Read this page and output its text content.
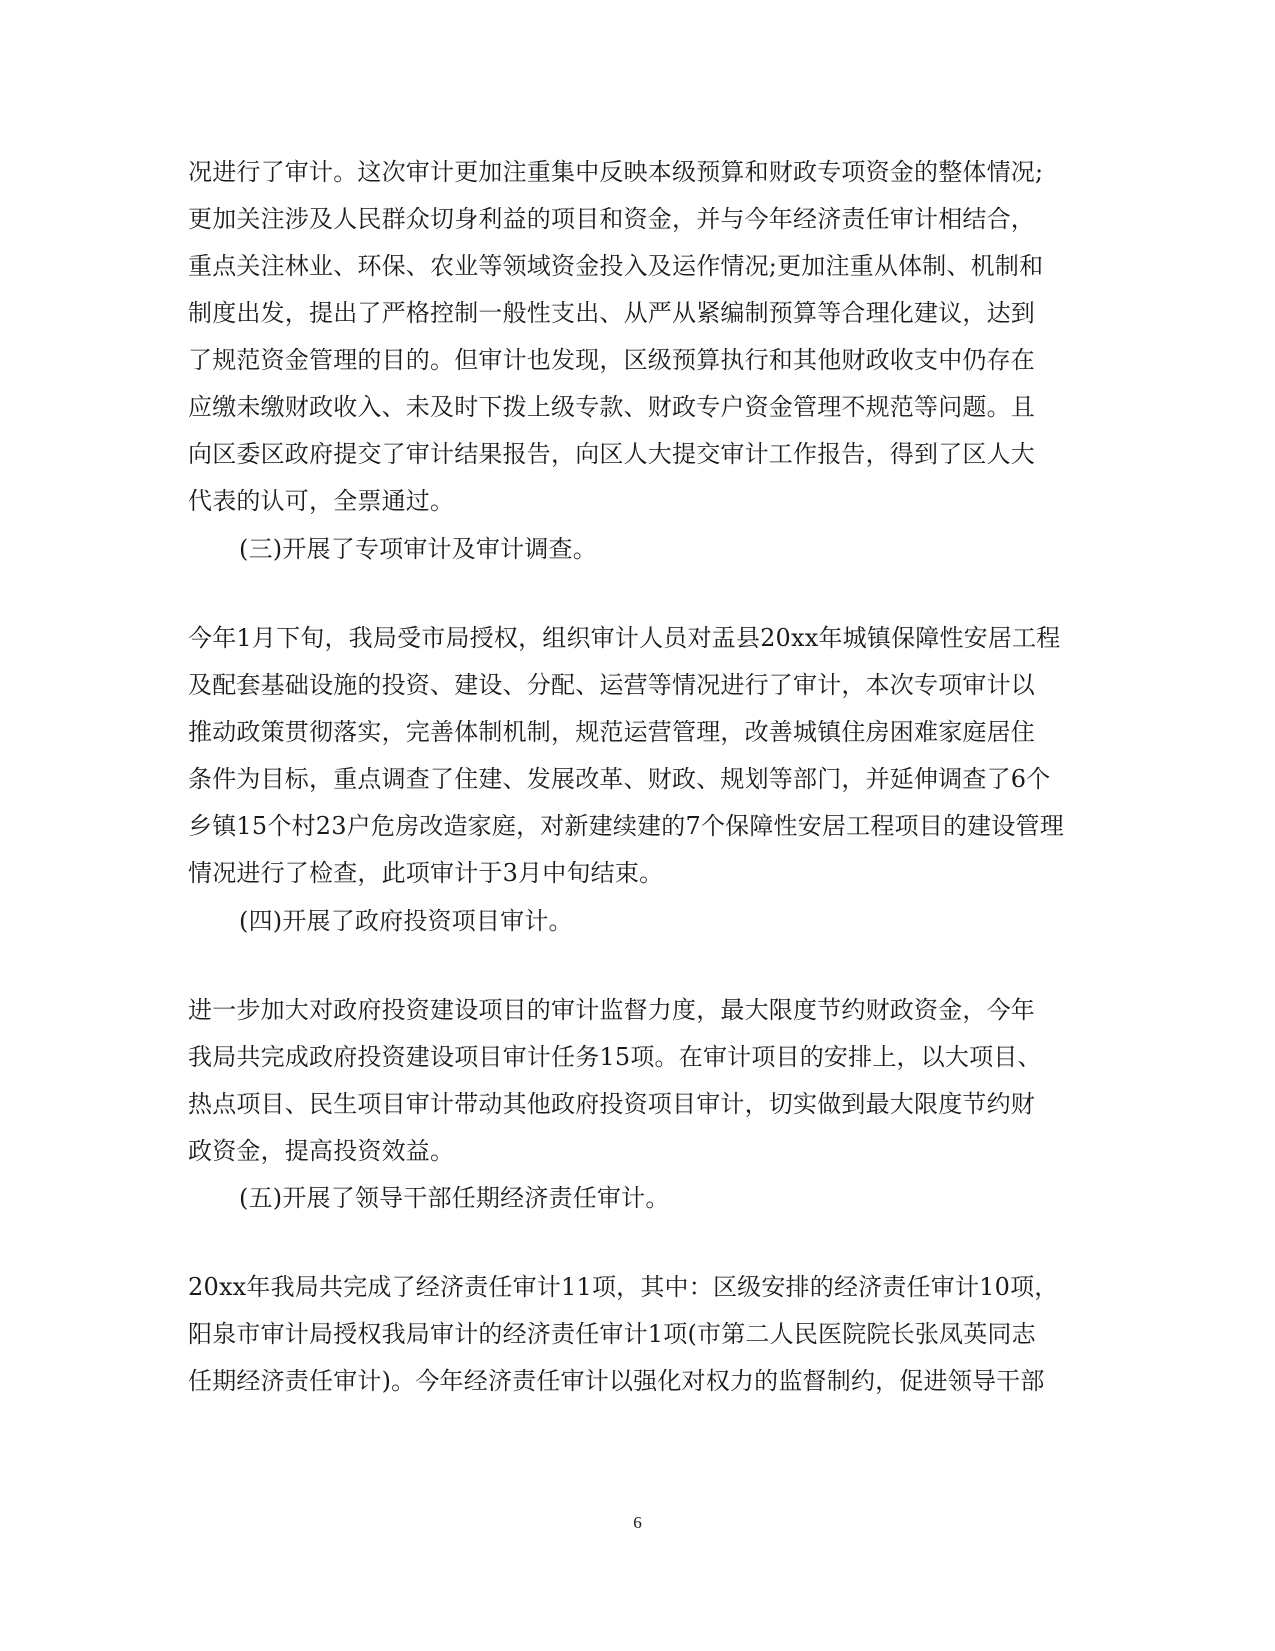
况进行了审计。这次审计更加注重集中反映本级预算和财政专项资金的整体情况;
更加关注涉及人民群众切身利益的项目和资金，并与今年经济责任审计相结合，
重点关注林业、环保、农业等领域资金投入及运作情况;更加注重从体制、机制和
制度出发，提出了严格控制一般性支出、从严从紧编制预算等合理化建议，达到
了规范资金管理的目的。但审计也发现，区级预算执行和其他财政收支中仍存在
应缴未缴财政收入、未及时下拨上级专款、财政专户资金管理不规范等问题。且
向区委区政府提交了审计结果报告，向区人大提交审计工作报告，得到了区人大
代表的认可，全票通过。
(三)开展了专项审计及审计调查。
今年1月下旬，我局受市局授权，组织审计人员对盂县20xx年城镇保障性安居工程
及配套基础设施的投资、建设、分配、运营等情况进行了审计，本次专项审计以
推动政策贯彻落实，完善体制机制，规范运营管理，改善城镇住房困难家庭居住
条件为目标，重点调查了住建、发展改革、财政、规划等部门，并延伸调查了6个
乡镇15个村23户危房改造家庭，对新建续建的7个保障性安居工程项目的建设管理
情况进行了检查，此项审计于3月中旬结束。
(四)开展了政府投资项目审计。
进一步加大对政府投资建设项目的审计监督力度，最大限度节约财政资金，今年
我局共完成政府投资建设项目审计任务15项。在审计项目的安排上，以大项目、
热点项目、民生项目审计带动其他政府投资项目审计，切实做到最大限度节约财
政资金，提高投资效益。
(五)开展了领导干部任期经济责任审计。
20xx年我局共完成了经济责任审计11项，其中：区级安排的经济责任审计10项，
阳泉市审计局授权我局审计的经济责任审计1项(市第二人民医院院长张凤英同志
任期经济责任审计)。今年经济责任审计以强化对权力的监督制约，促进领导干部
6
